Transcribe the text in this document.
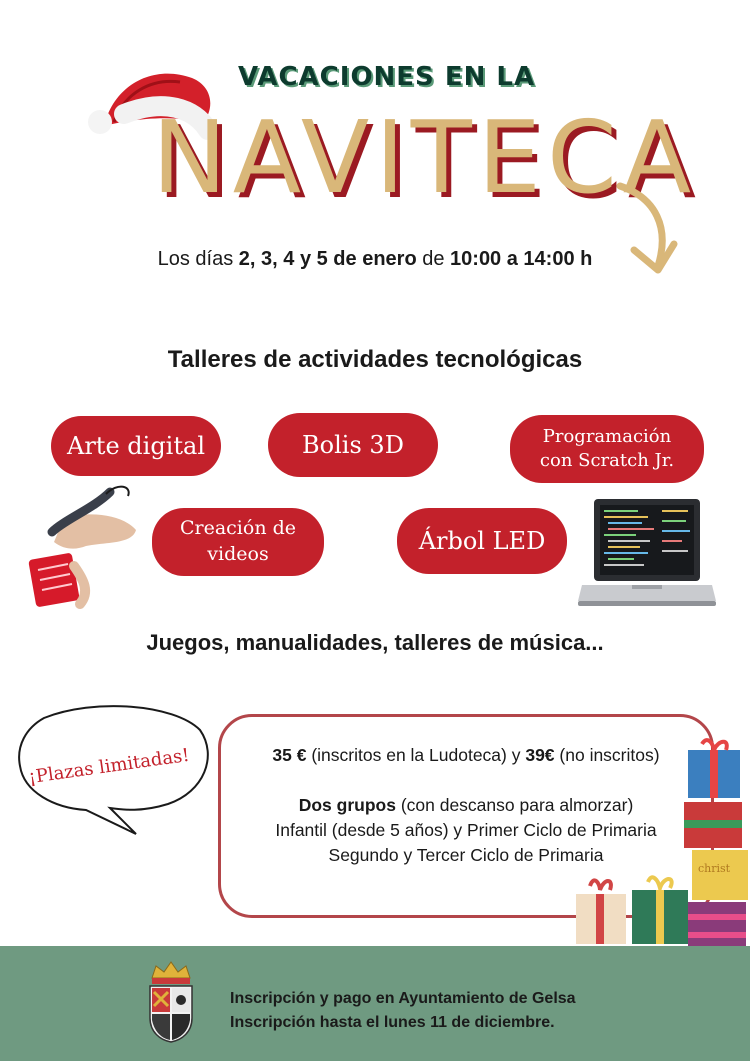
VACACIONES EN LA
NAVITECA
Los días 2, 3, 4 y 5 de enero de 10:00 a 14:00 h
Talleres de actividades tecnológicas
Arte digital	Bolis 3D	Programación
con Scratch Jr.
Creación de
videos	Árbol LED
Juegos, manualidades, talleres de música...
¡Plazas limitadas!	35 € (inscritos en la Ludoteca) y 39€ (no inscritos)
Dos grupos (con descanso para almorzar)
Infantil (desde 5 años) y Primer Ciclo de Primaria
Segundo y Tercer Ciclo de Primaria
christ
Inscripción y pago en Ayuntamiento de Gelsa
Inscripción hasta el lunes 11 de diciembre.
